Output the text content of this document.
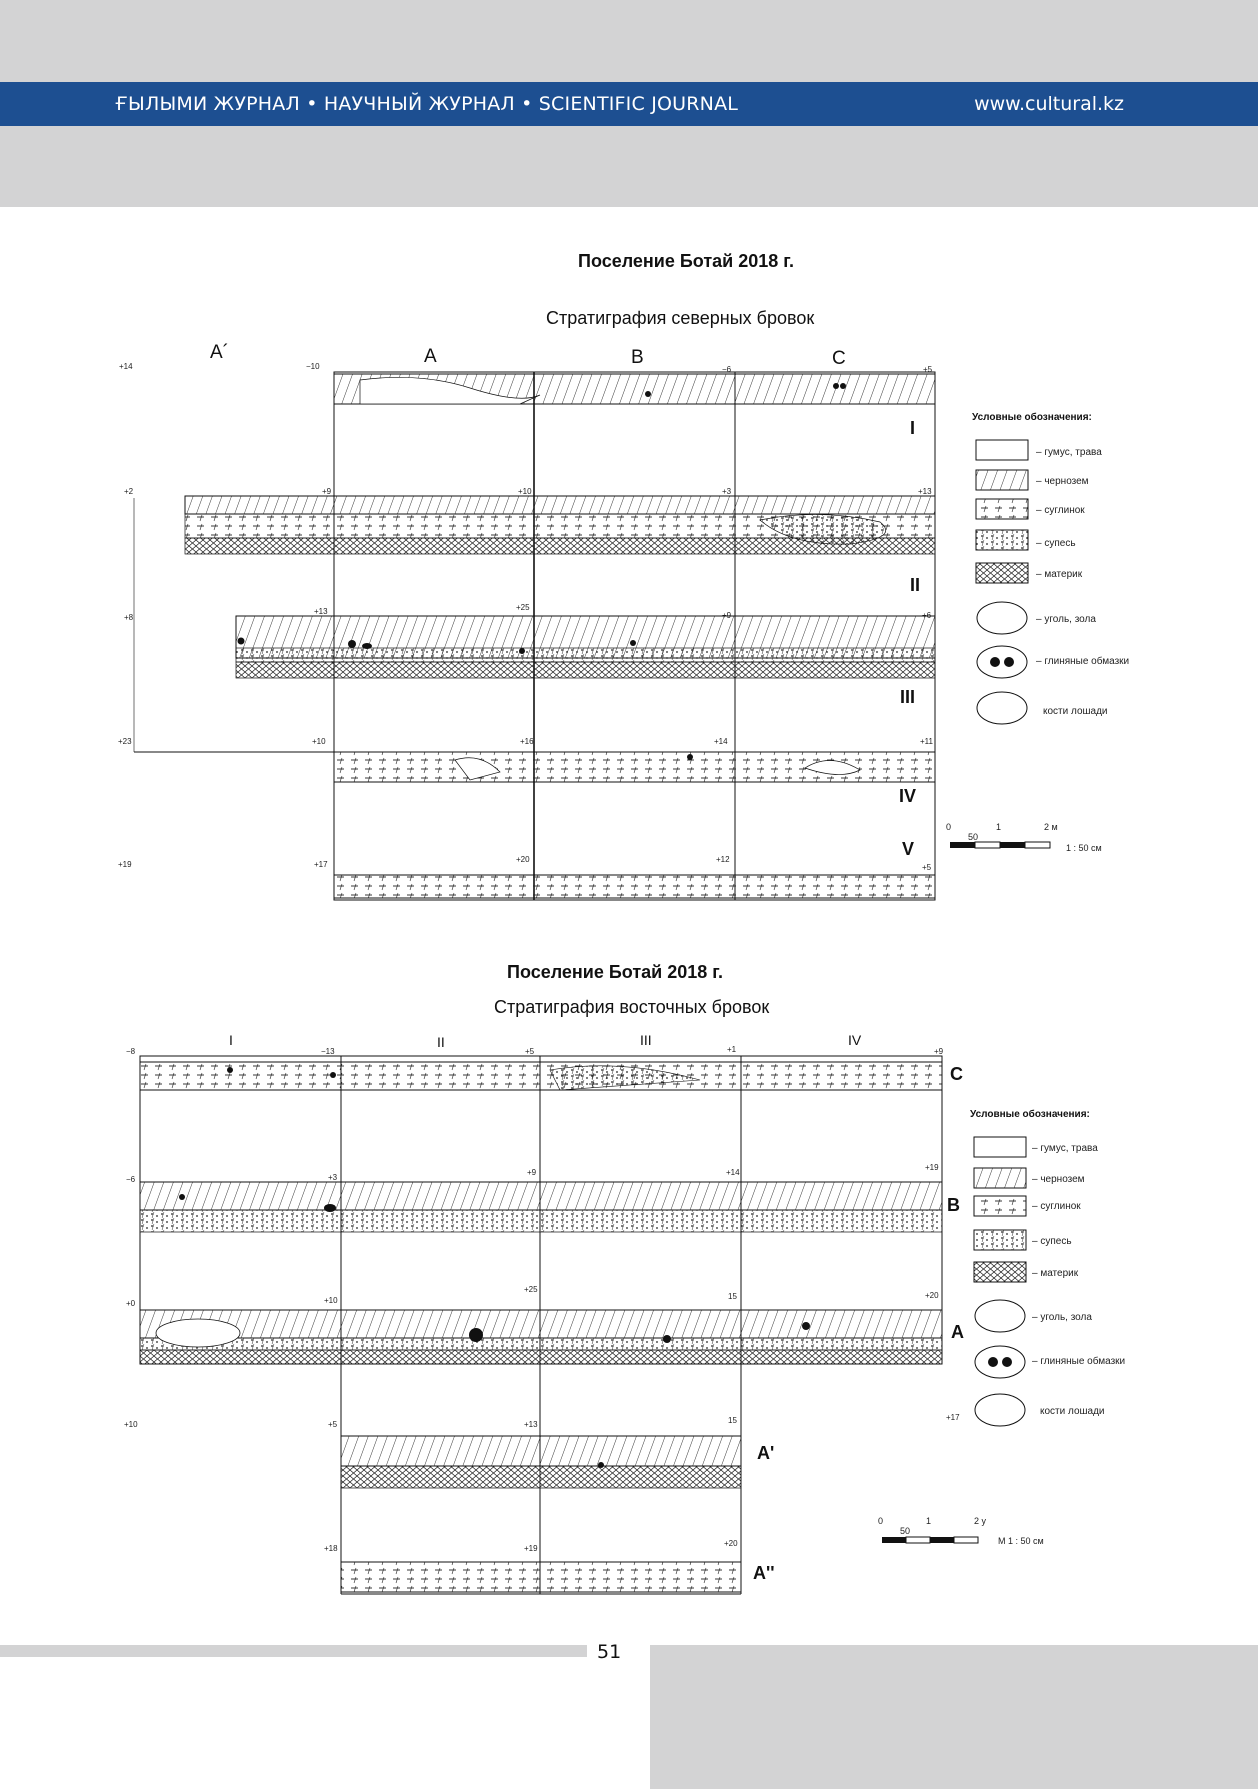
ҒЫЛЫМИ ЖУРНАЛ • НАУЧНЫЙ ЖУРНАЛ • SCIENTIFIC JOURNAL	www.cultural.kz
Поселение Ботай 2018 г.
Стратиграфия северных бровок
Поселение Ботай 2018 г.
Стратиграфия восточных бровок
A´	A	B	C
I
II
III
IV
V
+14	−10	−6	+5
+2	+9	+10	+3	+13
+8
+13	+25
+9	+6
+23	+10	+16	+14	+11
+19	+17
+20	+12
+5
Условные обозначения:
– гумус, трава
– чернозем
– суглинок
– супесь
– материк
– уголь, зола
– глиняные обмазки
кости лошади
0
50
1	2 м
1 : 50 см
I	II	III	IV
C
B
A
A'
A''
−8	−13	+5	+1	+9
−6	+3
+9	+14
+19
+0	+10
+25
15	+20
+10	+5	+13	15	+17
+18	+19
+20
Условные обозначения:
– гумус, трава
– чернозем
– суглинок
– супесь
– материк
– уголь, зола
– глиняные обмазки
кости лошади
0
50
1	2 у
М 1 : 50 см
51
